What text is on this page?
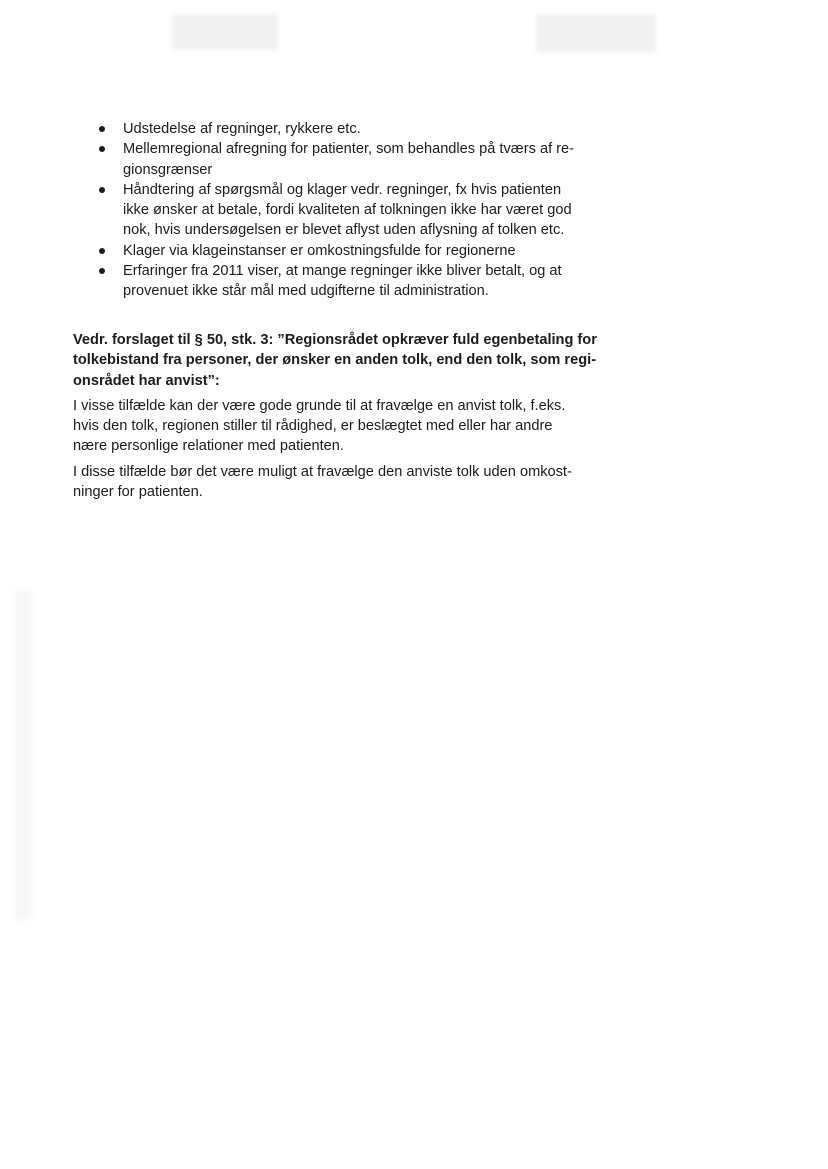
Udstedelse af regninger, rykkere etc.
Mellemregional afregning for patienter, som behandles på tværs af re-
gionsgrænser
Håndtering af spørgsmål og klager vedr. regninger, fx hvis patienten
ikke ønsker at betale, fordi kvaliteten af tolkningen ikke har været god
nok, hvis undersøgelsen er blevet aflyst uden aflysning af tolken etc.
Klager via klageinstanser er omkostningsfulde for regionerne
Erfaringer fra 2011 viser, at mange regninger ikke bliver betalt, og at
provenuet ikke står mål med udgifterne til administration.
Vedr. forslaget til § 50, stk. 3: ”Regionsrådet opkræver fuld egenbetaling for
tolkebistand fra personer, der ønsker en anden tolk, end den tolk, som regi-
onsrådet har anvist”:
I visse tilfælde kan der være gode grunde til at fravælge en anvist tolk, f.eks.
hvis den tolk, regionen stiller til rådighed, er beslægtet med eller har andre
nære personlige relationer med patienten.
I disse tilfælde bør det være muligt at fravælge den anviste tolk uden omkost-
ninger for patienten.
